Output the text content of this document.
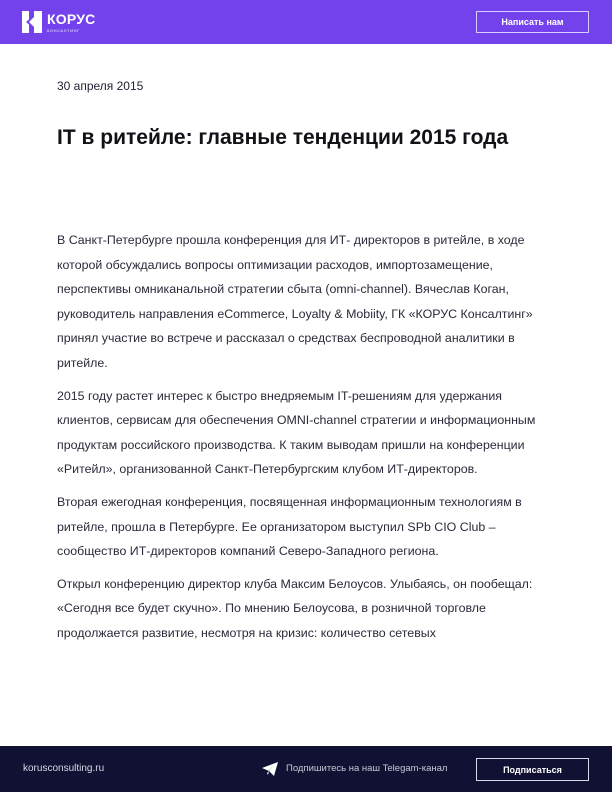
КОРУС
КОНСАЛТИНГ
Написать нам
30 апреля 2015
IT в ритейле: главные тенденции 2015 года

В Санкт-Петербурге прошла конференция для ИТ- директоров в ритейле, в ходе которой обсуждались вопросы оптимизации расходов, импортозамещение, перспективы омниканальной стратегии сбыта (omni-channel). Вячеслав Коган, руководитель направления eCommerce, Loyalty & Mobiity, ГК «КОРУС Консалтинг» принял участие во встрече и рассказал о средствах беспроводной аналитики в ритейле.

2015 году растет интерес к быстро внедряемым IT-решениям для удержания клиентов, сервисам для обеспечения OMNI-channel стратегии и информационным продуктам российского производства. К таким выводам пришли на конференции «Ритейл», организованной Санкт-Петербургским клубом ИТ-директоров.

Вторая ежегодная конференция, посвященная информационным технологиям в ритейле, прошла в Петербурге. Ее организатором выступил SPb CIO Club – сообщество ИТ-директоров компаний Северо-Западного региона.

Открыл конференцию директор клуба Максим Белоусов. Улыбаясь, он пообещал: «Сегодня все будет скучно». По мнению Белоусова, в розничной торговле продолжается развитие, несмотря на кризис: количество сетевых

korusconsulting.ru	Подпишитесь на наш Telegam-канал	Подписаться
